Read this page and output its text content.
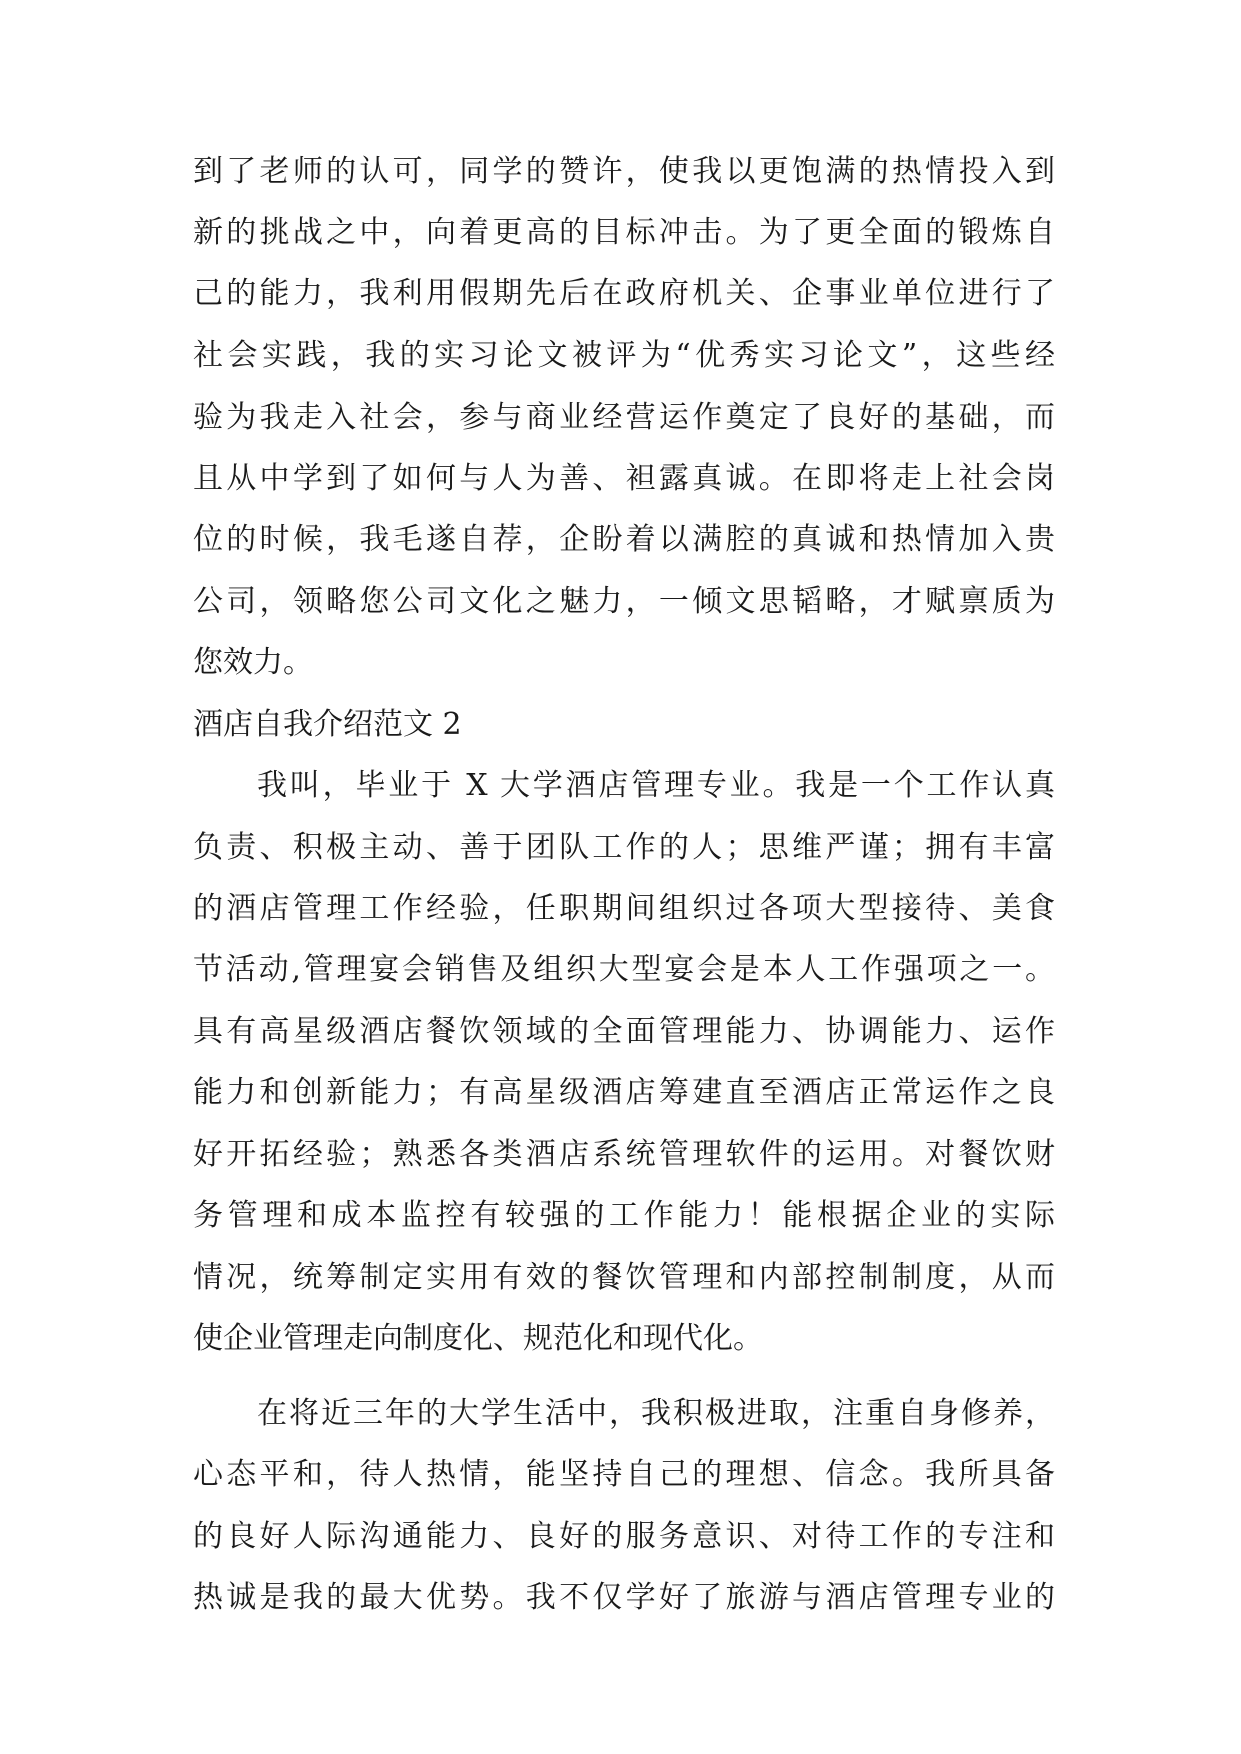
到了老师的认可，同学的赞许，使我以更饱满的热情投入到

新的挑战之中，向着更高的目标冲击。为了更全面的锻炼自

己的能力，我利用假期先后在政府机关、企事业单位进行了

社会实践，我的实习论文被评为“优秀实习论文”，这些经

验为我走入社会，参与商业经营运作奠定了良好的基础，而

且从中学到了如何与人为善、袒露真诚。在即将走上社会岗

位的时候，我毛遂自荐，企盼着以满腔的真诚和热情加入贵

公司，领略您公司文化之魅力，一倾文思韬略，才赋禀质为

您效力。

酒店自我介绍范文 2

我叫，毕业于 X 大学酒店管理专业。我是一个工作认真

负责、积极主动、善于团队工作的人；思维严谨；拥有丰富

的酒店管理工作经验，任职期间组织过各项大型接待、美食

节活动,管理宴会销售及组织大型宴会是本人工作强项之一。

具有高星级酒店餐饮领域的全面管理能力、协调能力、运作

能力和创新能力；有高星级酒店筹建直至酒店正常运作之良

好开拓经验；熟悉各类酒店系统管理软件的运用。对餐饮财

务管理和成本监控有较强的工作能力！能根据企业的实际

情况，统筹制定实用有效的餐饮管理和内部控制制度，从而

使企业管理走向制度化、规范化和现代化。

在将近三年的大学生活中，我积极进取，注重自身修养，

心态平和，待人热情，能坚持自己的理想、信念。我所具备

的良好人际沟通能力、良好的服务意识、对待工作的专注和

热诚是我的最大优势。我不仅学好了旅游与酒店管理专业的
